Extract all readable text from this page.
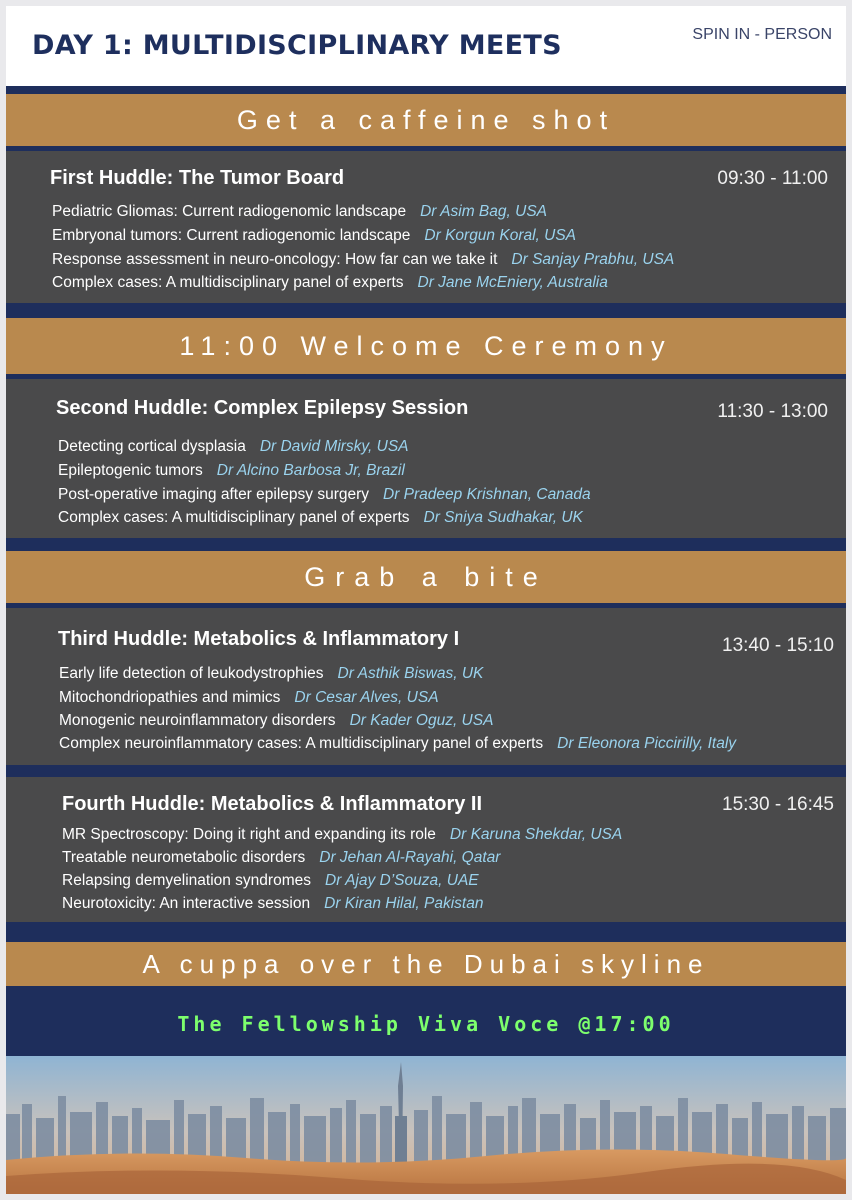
DAY 1: MULTIDISCIPLINARY MEETS	SPIN IN - PERSON
Get a caffeine shot
First Huddle: The Tumor Board	09:30 - 11:00
Pediatric Gliomas: Current radiogenomic landscape Dr Asim Bag, USA
Embryonal tumors: Current radiogenomic landscape Dr Korgun Koral, USA
Response assessment in neuro-oncology: How far can we take it Dr Sanjay Prabhu, USA
Complex cases: A multidisciplinary panel of experts Dr Jane McEniery, Australia
11:00 Welcome Ceremony
Second Huddle: Complex Epilepsy Session	11:30 - 13:00
Detecting cortical dysplasia Dr David Mirsky, USA
Epileptogenic tumors Dr Alcino Barbosa Jr, Brazil
Post-operative imaging after epilepsy surgery Dr Pradeep Krishnan, Canada
Complex cases: A multidisciplinary panel of experts Dr Sniya Sudhakar, UK
Grab a bite
Third Huddle: Metabolics & Inflammatory I	13:40 - 15:10
Early life detection of leukodystrophies Dr Asthik Biswas, UK
Mitochondriopathies and mimics Dr Cesar Alves, USA
Monogenic neuroinflammatory disorders Dr Kader Oguz, USA
Complex neuroinflammatory cases: A multidisciplinary panel of experts Dr Eleonora Piccirilly, Italy
Fourth Huddle: Metabolics & Inflammatory II	15:30 - 16:45
MR Spectroscopy: Doing it right and expanding its role Dr Karuna Shekdar, USA
Treatable neurometabolic disorders Dr Jehan Al-Rayahi, Qatar
Relapsing demyelination syndromes Dr Ajay D’Souza, UAE
Neurotoxicity: An interactive session Dr Kiran Hilal, Pakistan
A cuppa over the Dubai skyline
The Fellowship Viva Voce @17:00
